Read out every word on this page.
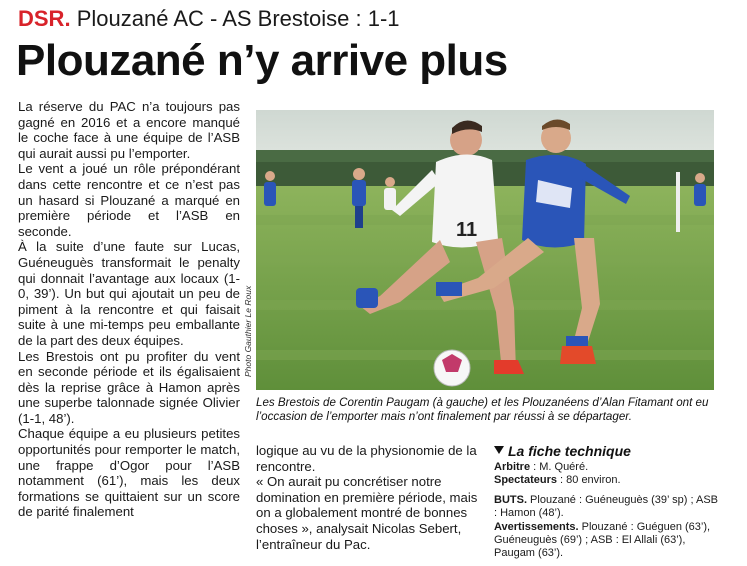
DSR. Plouzané AC - AS Brestoise : 1-1
Plouzané n’y arrive plus

La réserve du PAC n’a toujours pas gagné en 2016 et a encore manqué le coche face à une équipe de l’ASB qui aurait aussi pu l’emporter.

Le vent a joué un rôle prépondérant dans cette rencontre et ce n’est pas un hasard si Plouzané a marqué en première période et l’ASB en seconde.

À la suite d’une faute sur Lucas, Guéneuguès transformait le penalty qui donnait l’avantage aux locaux (1-0, 39’). Un but qui ajoutait un peu de piment à la rencontre et qui faisait suite à une mi-temps peu emballante de la part des deux équipes.

Les Brestois ont pu profiter du vent en seconde période et ils égalisaient dès la reprise grâce à Hamon après une superbe talonnade signée Olivier (1-1, 48’).

Chaque équipe a eu plusieurs petites opportunités pour remporter le match, une frappe d’Ogor pour l’ASB notamment (61’), mais les deux formations se quittaient sur un score de parité finalement

Photo Gauthier Le Roux
11
Les Brestois de Corentin Paugam (à gauche) et les Plouzanéens d’Alan Fitamant ont eu l’occasion de l’emporter mais n’ont finalement par réussi à se départager.

logique au vu de la physionomie de la rencontre.

« On aurait pu concrétiser notre domination en première période, mais on a globalement montré de bonnes choses », analysait Nicolas Sebert, l’entraîneur du Pac.

La fiche technique
Arbitre : M. Quéré.
Spectateurs : 80 environ.
BUTS. Plouzané : Guéneuguès (39’ sp) ; ASB : Hamon (48’).
Avertissements. Plouzané : Guéguen (63’), Guéneuguès (69’) ; ASB : El Allali (63’), Paugam (63’).
